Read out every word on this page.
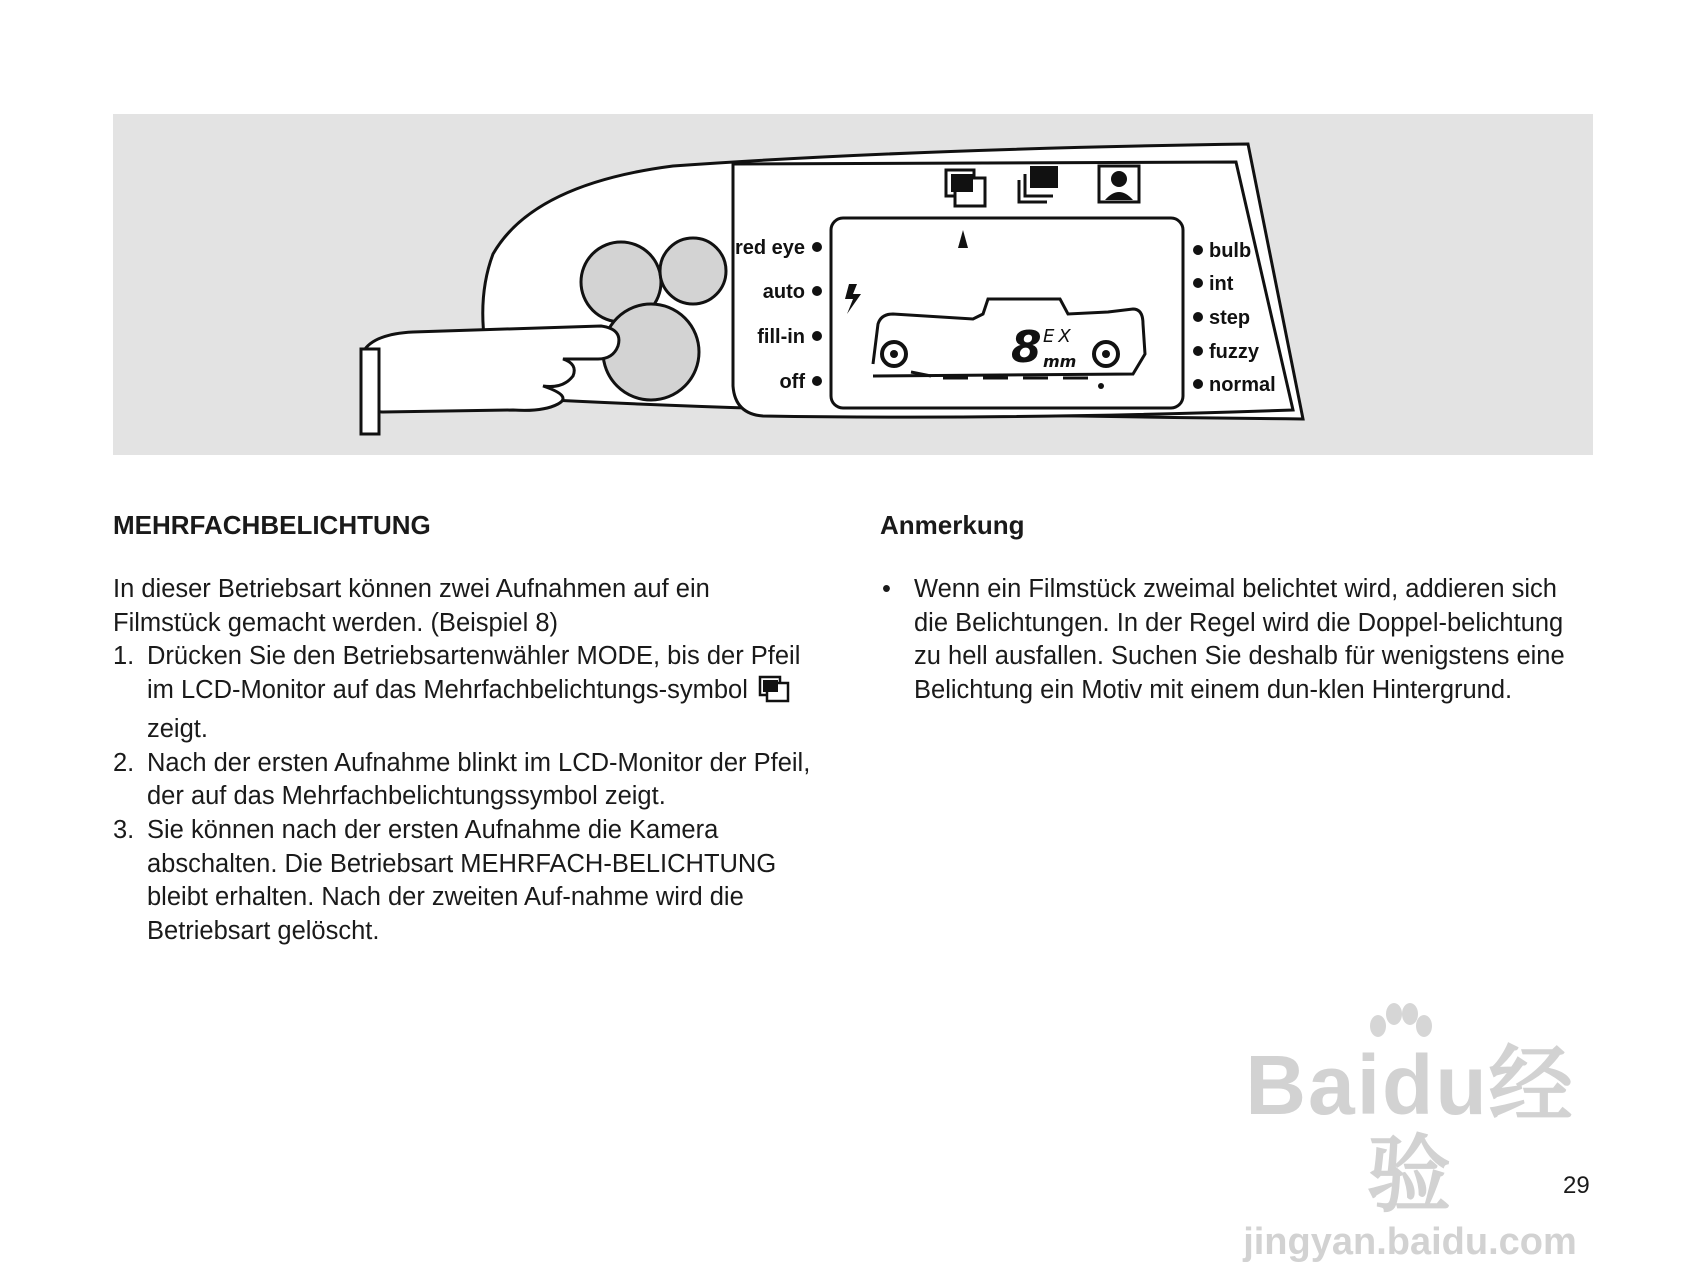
8 EX
mm
red eye
auto
fill-in
off
bulb
int
step
fuzzy
normal
MEHRFACHBELICHTUNG

In dieser Betriebsart können zwei Aufnahmen auf ein Filmstück gemacht werden. (Beispiel 8)

1. Drücken Sie den Betriebsartenwähler MODE, bis der Pfeil im LCD-Monitor auf das Mehrfachbelichtungs-symbol  zeigt.
2. Nach der ersten Aufnahme blinkt im LCD-Monitor der Pfeil, der auf das Mehrfachbelichtungssymbol zeigt.
3. Sie können nach der ersten Aufnahme die Kamera abschalten. Die Betriebsart MEHRFACH-BELICHTUNG bleibt erhalten. Nach der zweiten Auf-nahme wird die Betriebsart gelöscht.
Anmerkung
• Wenn ein Filmstück zweimal belichtet wird, addieren sich die Belichtungen. In der Regel wird die Doppel-belichtung zu hell ausfallen. Suchen Sie deshalb für wenigstens eine Belichtung ein Motiv mit einem dun-klen Hintergrund.
Baidu经验
jingyan.baidu.com
29
